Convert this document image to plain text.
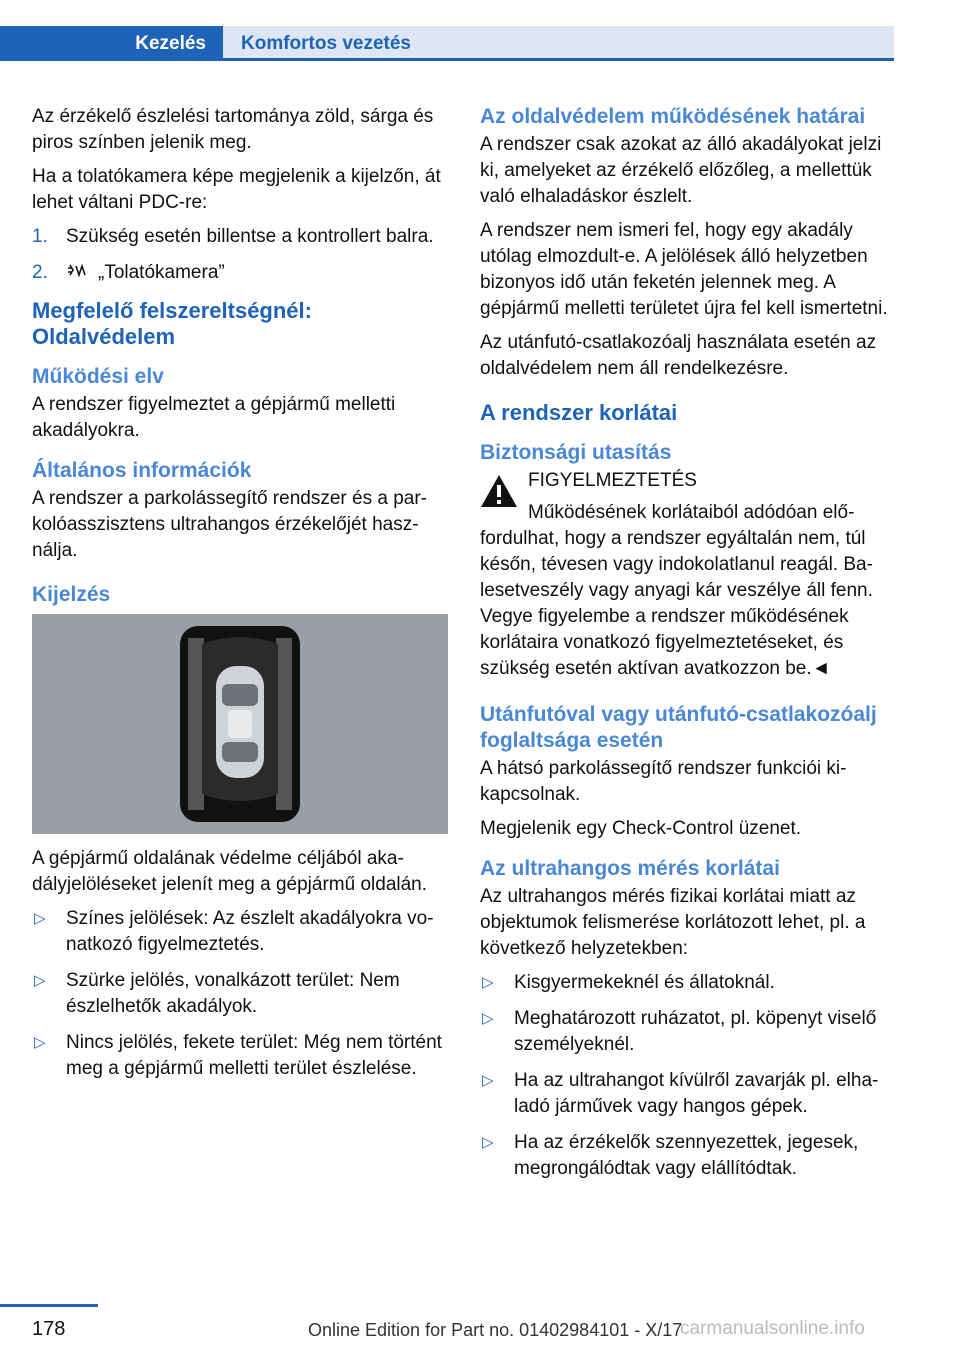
Kezelés	Komfortos vezetés

Az érzékelő észlelési tartománya zöld, sárga és piros színben jelenik meg.

Ha a tolatókamera képe megjelenik a kijelzőn, át lehet váltani PDC-re:

1. Szükség esetén billentse a kontrollert balra.
2.	„Tolatókamera”
Megfelelő felszereltségnél: Oldalvédelem
Működési elv

A rendszer figyelmeztet a gépjármű melletti akadályokra.

Általános információk

A rendszer a parkolássegítő rendszer és a parkolóasszisztens ultrahangos érzékelőjét használja.

Kijelzés

A gépjármű oldalának védelme céljából akadályjelöléseket jelenít meg a gépjármű oldalán.

▷ Színes jelölések: Az észlelt akadályokra vonatkozó figyelmeztetés.
▷ Szürke jelölés, vonalkázott terület: Nem észlelhetők akadályok.
▷ Nincs jelölés, fekete terület: Még nem történt meg a gépjármű melletti terület észlelése.
Az oldalvédelem működésének határai

A rendszer csak azokat az álló akadályokat jelzi ki, amelyeket az érzékelő előzőleg, a mellettük való elhaladáskor észlelt.

A rendszer nem ismeri fel, hogy egy akadály utólag elmozdult-e. A jelölések álló helyzetben bizonyos idő után feketén jelennek meg. A gépjármű melletti területet újra fel kell ismertetni.

Az utánfutó-csatlakozóalj használata esetén az oldalvédelem nem áll rendelkezésre.

A rendszer korlátai
Biztonsági utasítás

FIGYELMEZTETÉS

Működésének korlátaiból adódóan előfordulhat, hogy a rendszer egyáltalán nem, túl későn, tévesen vagy indokolatlanul reagál. Balesetveszély vagy anyagi kár veszélye áll fenn. Vegye figyelembe a rendszer működésének korlátaira vonatkozó figyelmeztetéseket, és szükség esetén aktívan avatkozzon be.◄

Utánfutóval vagy utánfutó-csatlakozóalj foglaltsága esetén

A hátsó parkolássegítő rendszer funkciói kikapcsolnak.

Megjelenik egy Check-Control üzenet.

Az ultrahangos mérés korlátai

Az ultrahangos mérés fizikai korlátai miatt az objektumok felismerése korlátozott lehet, pl. a következő helyzetekben:

▷ Kisgyermekeknél és állatoknál.
▷ Meghatározott ruházatot, pl. köpenyt viselő személyeknél.
▷ Ha az ultrahangot kívülről zavarják pl. elhaladó járművek vagy hangos gépek.
▷ Ha az érzékelők szennyezettek, jegesek, megrongálódtak vagy elállítódtak.
178	Online Edition for Part no. 01402984101 - X/17
carmanualsonline.info
